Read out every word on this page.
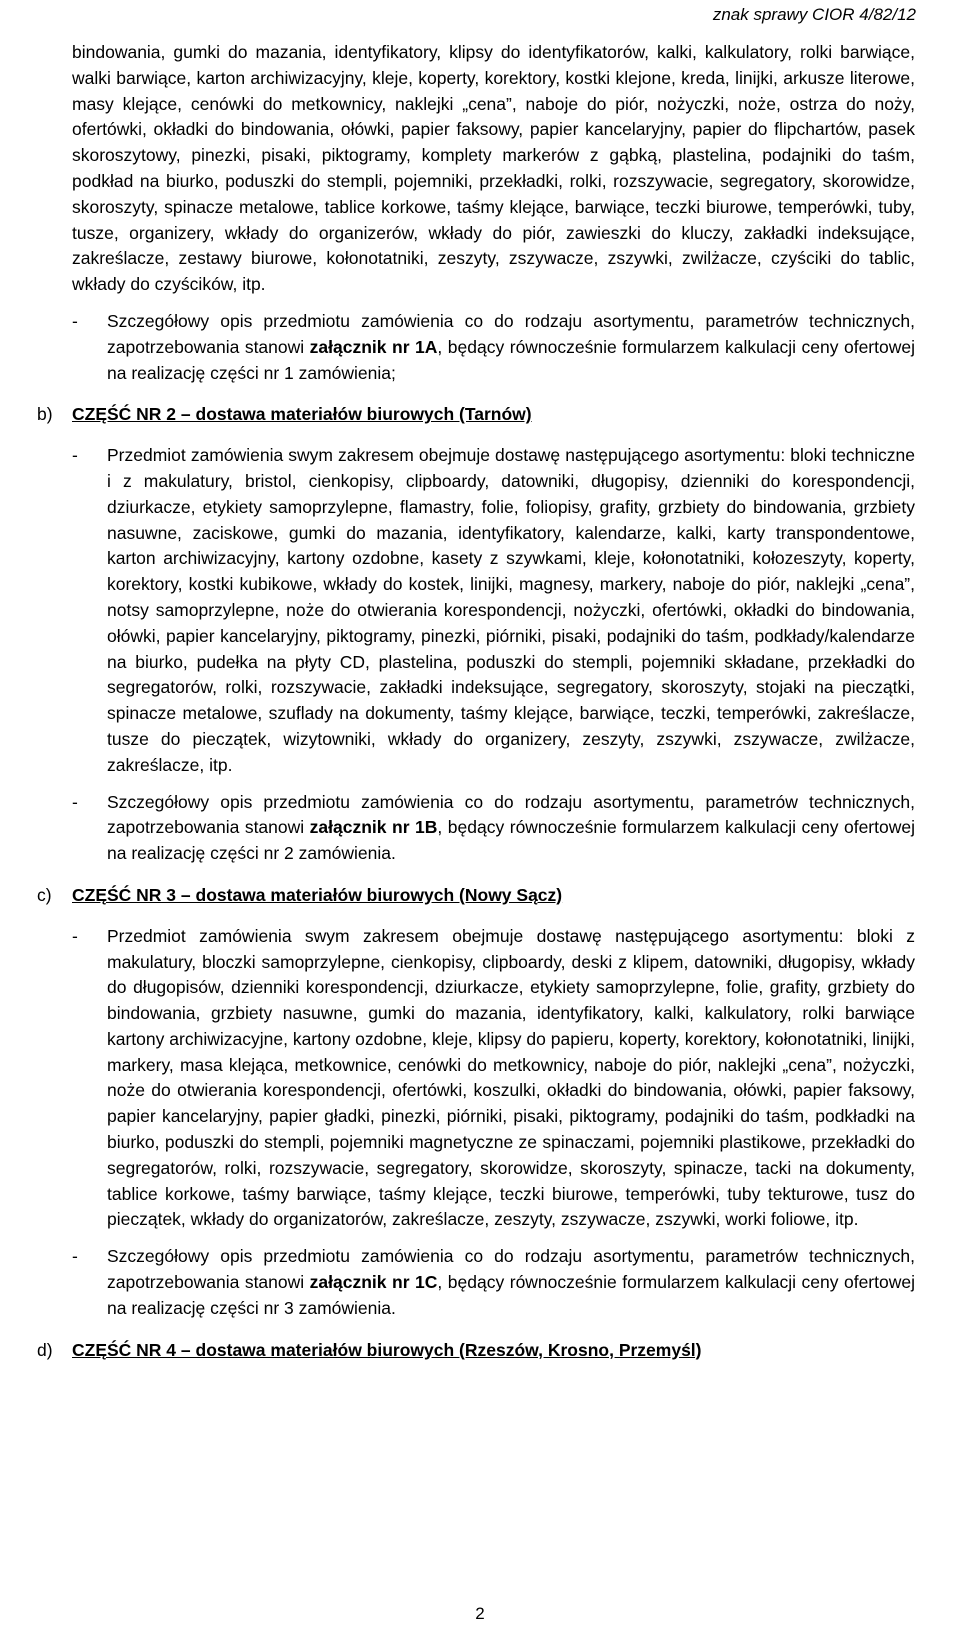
znak sprawy CIOR 4/82/12
bindowania, gumki do mazania, identyfikatory, klipsy do identyfikatorów, kalki, kalkulatory, rolki barwiące, walki barwiące, karton archiwizacyjny, kleje, koperty, korektory, kostki klejone, kreda, linijki, arkusze literowe, masy klejące, cenówki do metkownicy, naklejki „cena”, naboje do piór, nożyczki, noże, ostrza do noży, ofertówki, okładki do bindowania, ołówki, papier faksowy, papier kancelaryjny, papier do flipchartów, pasek skoroszytowy, pinezki, pisaki, piktogramy, komplety markerów z gąbką, plastelina, podajniki do taśm, podkład na biurko, poduszki do stempli, pojemniki, przekładki, rolki, rozszywacie, segregatory, skorowidze, skoroszyty, spinacze metalowe, tablice korkowe, taśmy klejące, barwiące, teczki biurowe, temperówki, tuby, tusze, organizery, wkłady do organizerów, wkłady do piór, zawieszki do kluczy, zakładki indeksujące, zakreślacze, zestawy biurowe, kołonotatniki, zeszyty, zszywacze, zszywki, zwilżacze, czyściki do tablic, wkłady do czyścików, itp.
-	Szczegółowy opis przedmiotu zamówienia co do rodzaju asortymentu, parametrów technicznych, zapotrzebowania stanowi załącznik nr 1A, będący równocześnie formularzem kalkulacji ceny ofertowej na realizację części nr 1 zamówienia;
b)	CZĘŚĆ NR 2 – dostawa materiałów biurowych (Tarnów)
-	Przedmiot zamówienia swym zakresem obejmuje dostawę następującego asortymentu: bloki techniczne i z makulatury, bristol, cienkopisy, clipboardy, datowniki, długopisy, dzienniki do korespondencji, dziurkacze, etykiety samoprzylepne, flamastry, folie, foliopisy, grafity, grzbiety do bindowania, grzbiety nasuwne, zaciskowe, gumki do mazania, identyfikatory, kalendarze, kalki, karty transpondentowe, karton archiwizacyjny, kartony ozdobne, kasety z szywkami, kleje, kołonotatniki, kołozeszyty, koperty, korektory, kostki kubikowe, wkłady do kostek, linijki, magnesy, markery, naboje do piór, naklejki „cena”, notsy samoprzylepne, noże do otwierania korespondencji, nożyczki, ofertówki, okładki do bindowania, ołówki, papier kancelaryjny, piktogramy, pinezki, piórniki, pisaki, podajniki do taśm, podkłady/kalendarze na biurko, pudełka na płyty CD, plastelina, poduszki do stempli, pojemniki składane, przekładki do segregatorów, rolki, rozszywacie, zakładki indeksujące, segregatory, skoroszyty, stojaki na pieczątki, spinacze metalowe, szuflady na dokumenty, taśmy klejące, barwiące, teczki, temperówki, zakreślacze, tusze do pieczątek, wizytowniki, wkłady do organizery, zeszyty, zszywki, zszywacze, zwilżacze, zakreślacze, itp.
-	Szczegółowy opis przedmiotu zamówienia co do rodzaju asortymentu, parametrów technicznych, zapotrzebowania stanowi załącznik nr 1B, będący równocześnie formularzem kalkulacji ceny ofertowej na realizację części nr 2 zamówienia.
c)	CZĘŚĆ NR 3 – dostawa materiałów biurowych (Nowy Sącz)
-	Przedmiot zamówienia swym zakresem obejmuje dostawę następującego asortymentu: bloki z makulatury, bloczki samoprzylepne, cienkopisy, clipboardy, deski z klipem, datowniki, długopisy, wkłady do długopisów, dzienniki korespondencji, dziurkacze, etykiety samoprzylepne, folie, grafity, grzbiety do bindowania, grzbiety nasuwne, gumki do mazania, identyfikatory, kalki, kalkulatory, rolki barwiące kartony archiwizacyjne, kartony ozdobne, kleje, klipsy do papieru, koperty, korektory, kołonotatniki, linijki, markery, masa klejąca, metkownice, cenówki do metkownicy, naboje do piór, naklejki „cena”, nożyczki, noże do otwierania korespondencji, ofertówki, koszulki, okładki do bindowania, ołówki, papier faksowy, papier kancelaryjny, papier gładki, pinezki, piórniki, pisaki, piktogramy, podajniki do taśm, podkładki na biurko, poduszki do stempli, pojemniki magnetyczne ze spinaczami, pojemniki plastikowe, przekładki do segregatorów, rolki, rozszywacie, segregatory, skorowidze, skoroszyty, spinacze, tacki na dokumenty, tablice korkowe, taśmy barwiące, taśmy klejące, teczki biurowe, temperówki, tuby tekturowe, tusz do pieczątek, wkłady do organizatorów, zakreślacze, zeszyty, zszywacze, zszywki, worki foliowe, itp.
-	Szczegółowy opis przedmiotu zamówienia co do rodzaju asortymentu, parametrów technicznych, zapotrzebowania stanowi załącznik nr 1C, będący równocześnie formularzem kalkulacji ceny ofertowej na realizację części nr 3 zamówienia.
d)	CZĘŚĆ NR 4 – dostawa materiałów biurowych (Rzeszów, Krosno, Przemyśl)
2
